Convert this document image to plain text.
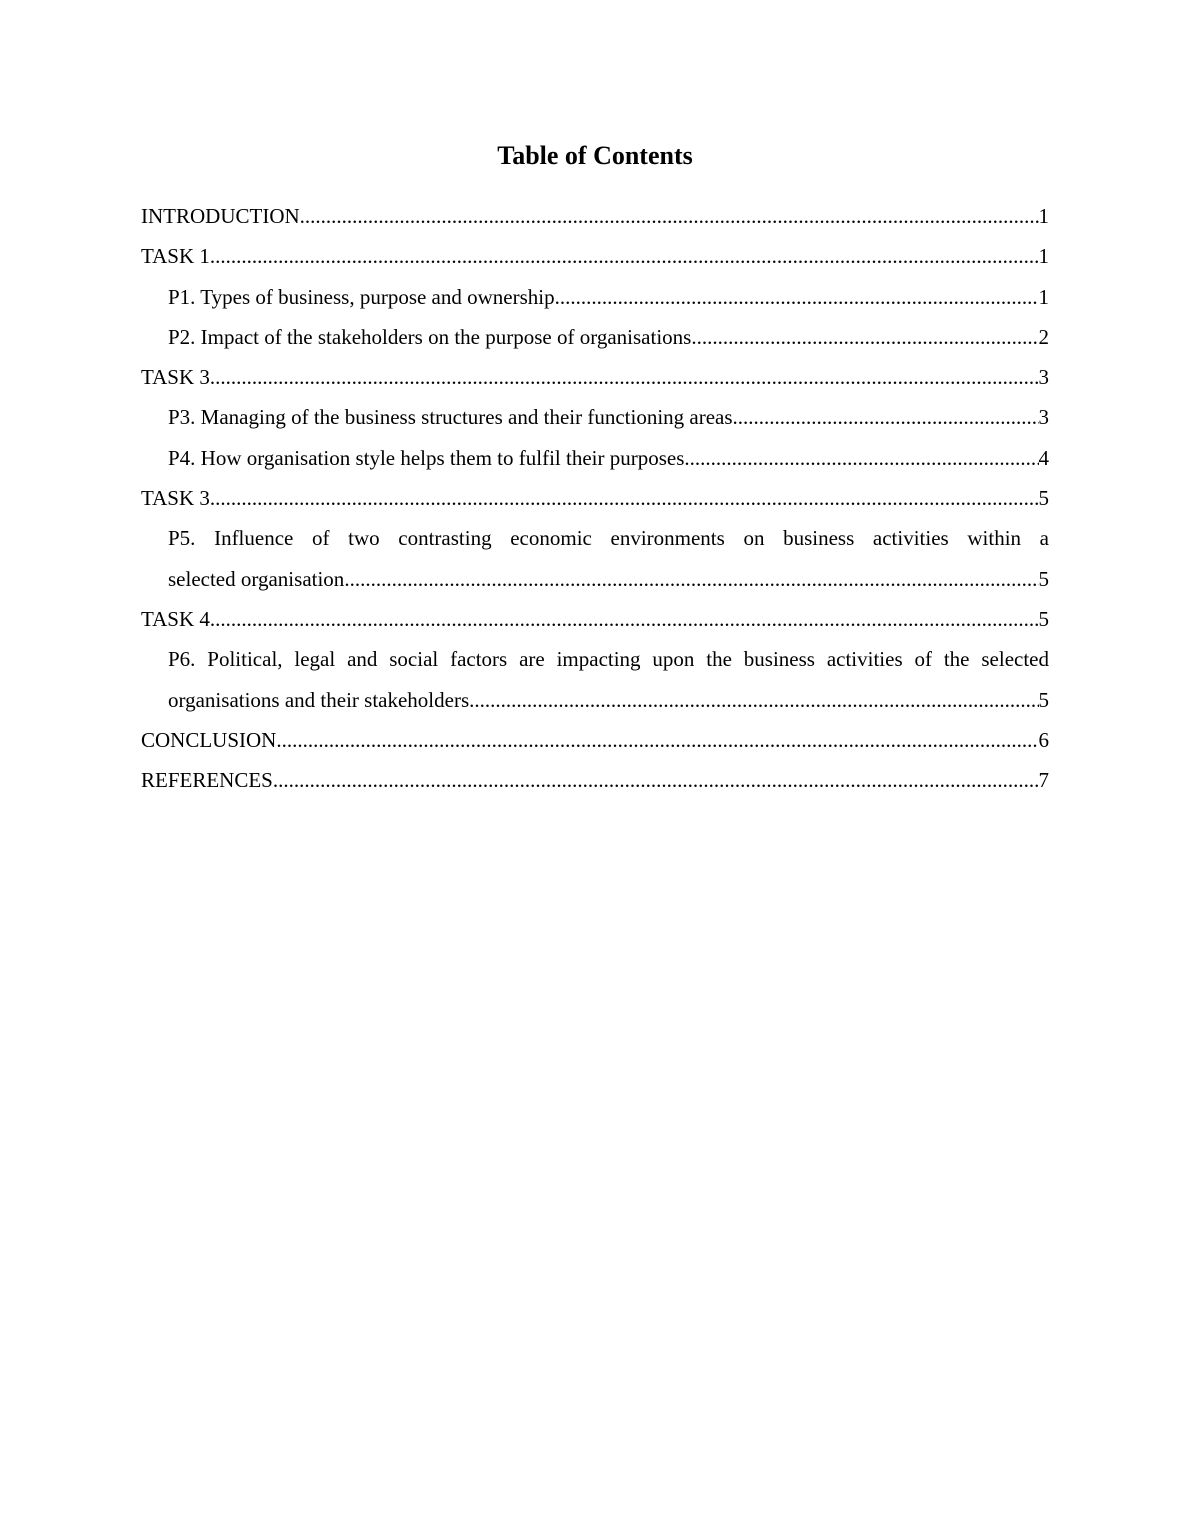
Table of Contents
INTRODUCTION .....	1
TASK 1 .....	1
P1. Types of business, purpose and ownership .....	1
P2. Impact of the stakeholders on the purpose of organisations .....	2
TASK 3 .....	3
P3. Managing of the business structures and their functioning areas .....	3
P4. How organisation style helps them to fulfil their purposes .....	4
TASK 3 .....	5
P5. Influence of two contrasting economic environments on business activities within a
selected organisation .....	5
TASK 4 .....	5
P6. Political, legal and social factors are impacting upon the business activities of the selected
organisations and their stakeholders .....	5
CONCLUSION .....	6
REFERENCES .....	7
